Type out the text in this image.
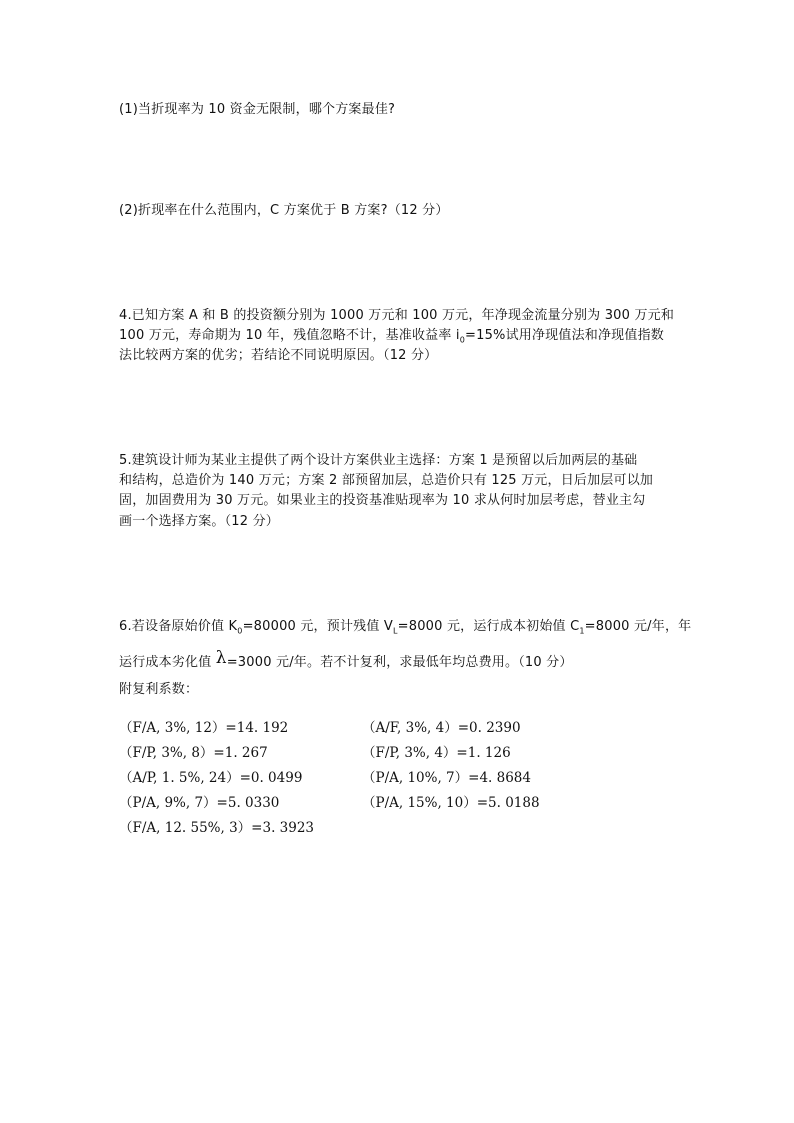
(1)当折现率为 10 资金无限制，哪个方案最佳?
(2)折现率在什么范围内，C 方案优于 B 方案?（12 分）
4.已知方案 A 和 B 的投资额分别为 1000 万元和 100 万元，年净现金流量分别为 300 万元和
100 万元，寿命期为 10 年，残值忽略不计，基准收益率 $i_0=15\%$试用净现值法和净现值指数
法比较两方案的优劣；若结论不同说明原因。（12 分）
5.建筑设计师为某业主提供了两个设计方案供业主选择：方案 1 是预留以后加两层的基础
和结构，总造价为 140 万元；方案 2 部预留加层，总造价只有 125 万元，日后加层可以加
固，加固费用为 30 万元。如果业主的投资基准贴现率为 10 求从何时加层考虑，替业主勾
画一个选择方案。（12 分）
6.若设备原始价值 $K_0=80000$ 元，预计残值 $V_L=8000$ 元，运行成本初始值 $C_1=8000$ 元/年，年
运行成本劣化值 λ=3000 元/年。若不计复利，求最低年均总费用。（10 分）
附复利系数：
（F/A, 3%, 12）=14. 192	（A/F, 3%, 4）=0. 2390
（F/P, 3%, 8）=1. 267	（F/P, 3%, 4）=1. 126
（A/P, 1. 5%, 24）=0. 0499	（P/A, 10%, 7）=4. 8684
（P/A, 9%, 7）=5. 0330	（P/A, 15%, 10）=5. 0188
（F/A, 12. 55%, 3）=3. 3923
